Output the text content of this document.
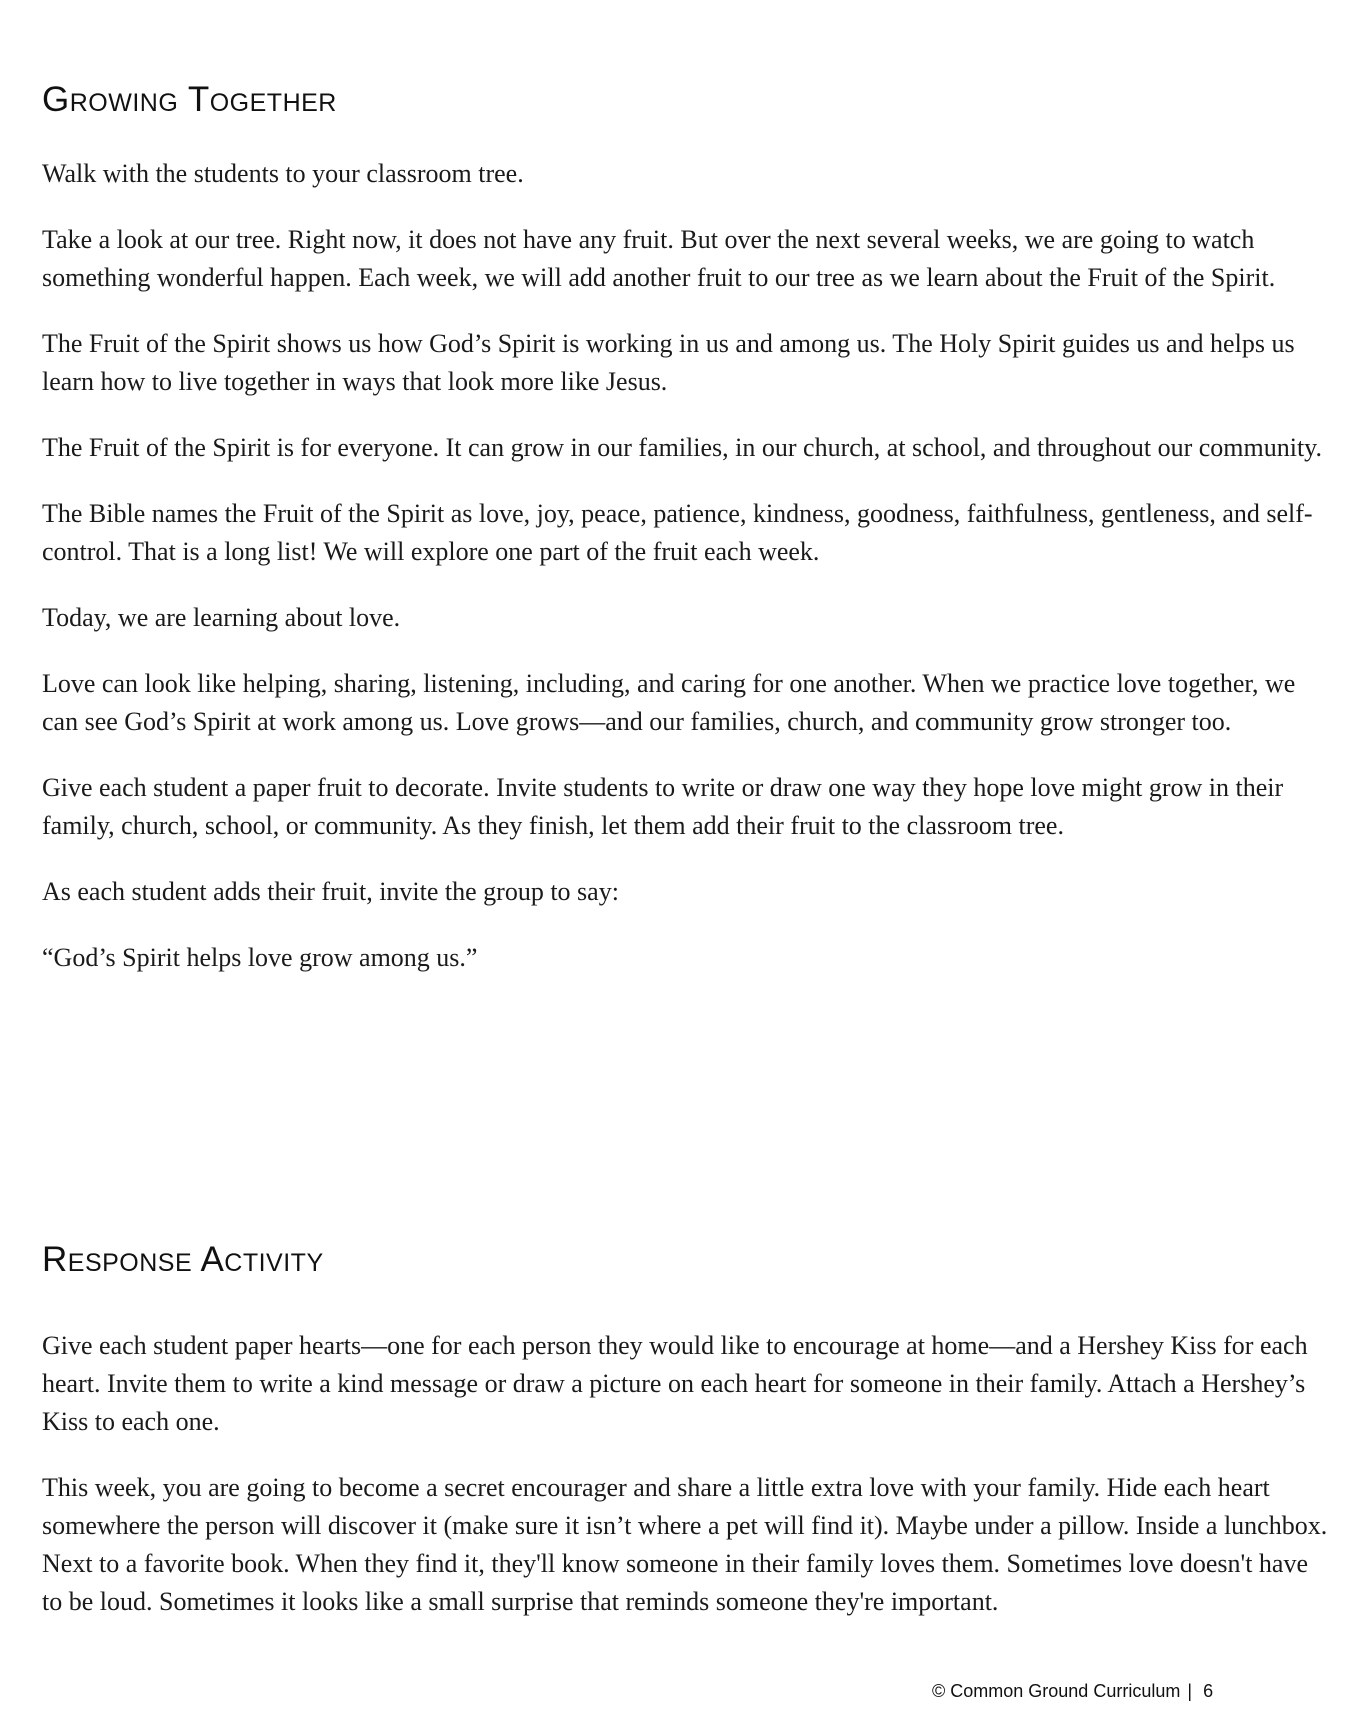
Growing Together

Walk with the students to your classroom tree.

Take a look at our tree. Right now, it does not have any fruit. But over the next several weeks, we are going to watch something wonderful happen. Each week, we will add another fruit to our tree as we learn about the Fruit of the Spirit.

The Fruit of the Spirit shows us how God’s Spirit is working in us and among us. The Holy Spirit guides us and helps us learn how to live together in ways that look more like Jesus.

The Fruit of the Spirit is for everyone. It can grow in our families, in our church, at school, and throughout our community.

The Bible names the Fruit of the Spirit as love, joy, peace, patience, kindness, goodness, faithfulness, gentleness, and self-control. That is a long list! We will explore one part of the fruit each week.

Today, we are learning about love.

Love can look like helping, sharing, listening, including, and caring for one another. When we practice love together, we can see God’s Spirit at work among us. Love grows—and our families, church, and community grow stronger too.

Give each student a paper fruit to decorate. Invite students to write or draw one way they hope love might grow in their family, church, school, or community. As they finish, let them add their fruit to the classroom tree.

As each student adds their fruit, invite the group to say:

“God’s Spirit helps love grow among us.”

Response Activity

Give each student paper hearts—one for each person they would like to encourage at home—and a Hershey Kiss for each heart. Invite them to write a kind message or draw a picture on each heart for someone in their family. Attach a Hershey’s Kiss to each one.

This week, you are going to become a secret encourager and share a little extra love with your family. Hide each heart somewhere the person will discover it (make sure it isn’t where a pet will find it). Maybe under a pillow. Inside a lunchbox. Next to a favorite book. When they find it, they'll know someone in their family loves them. Sometimes love doesn't have to be loud. Sometimes it looks like a small surprise that reminds someone they're important.

© Common Ground Curriculum | 6
